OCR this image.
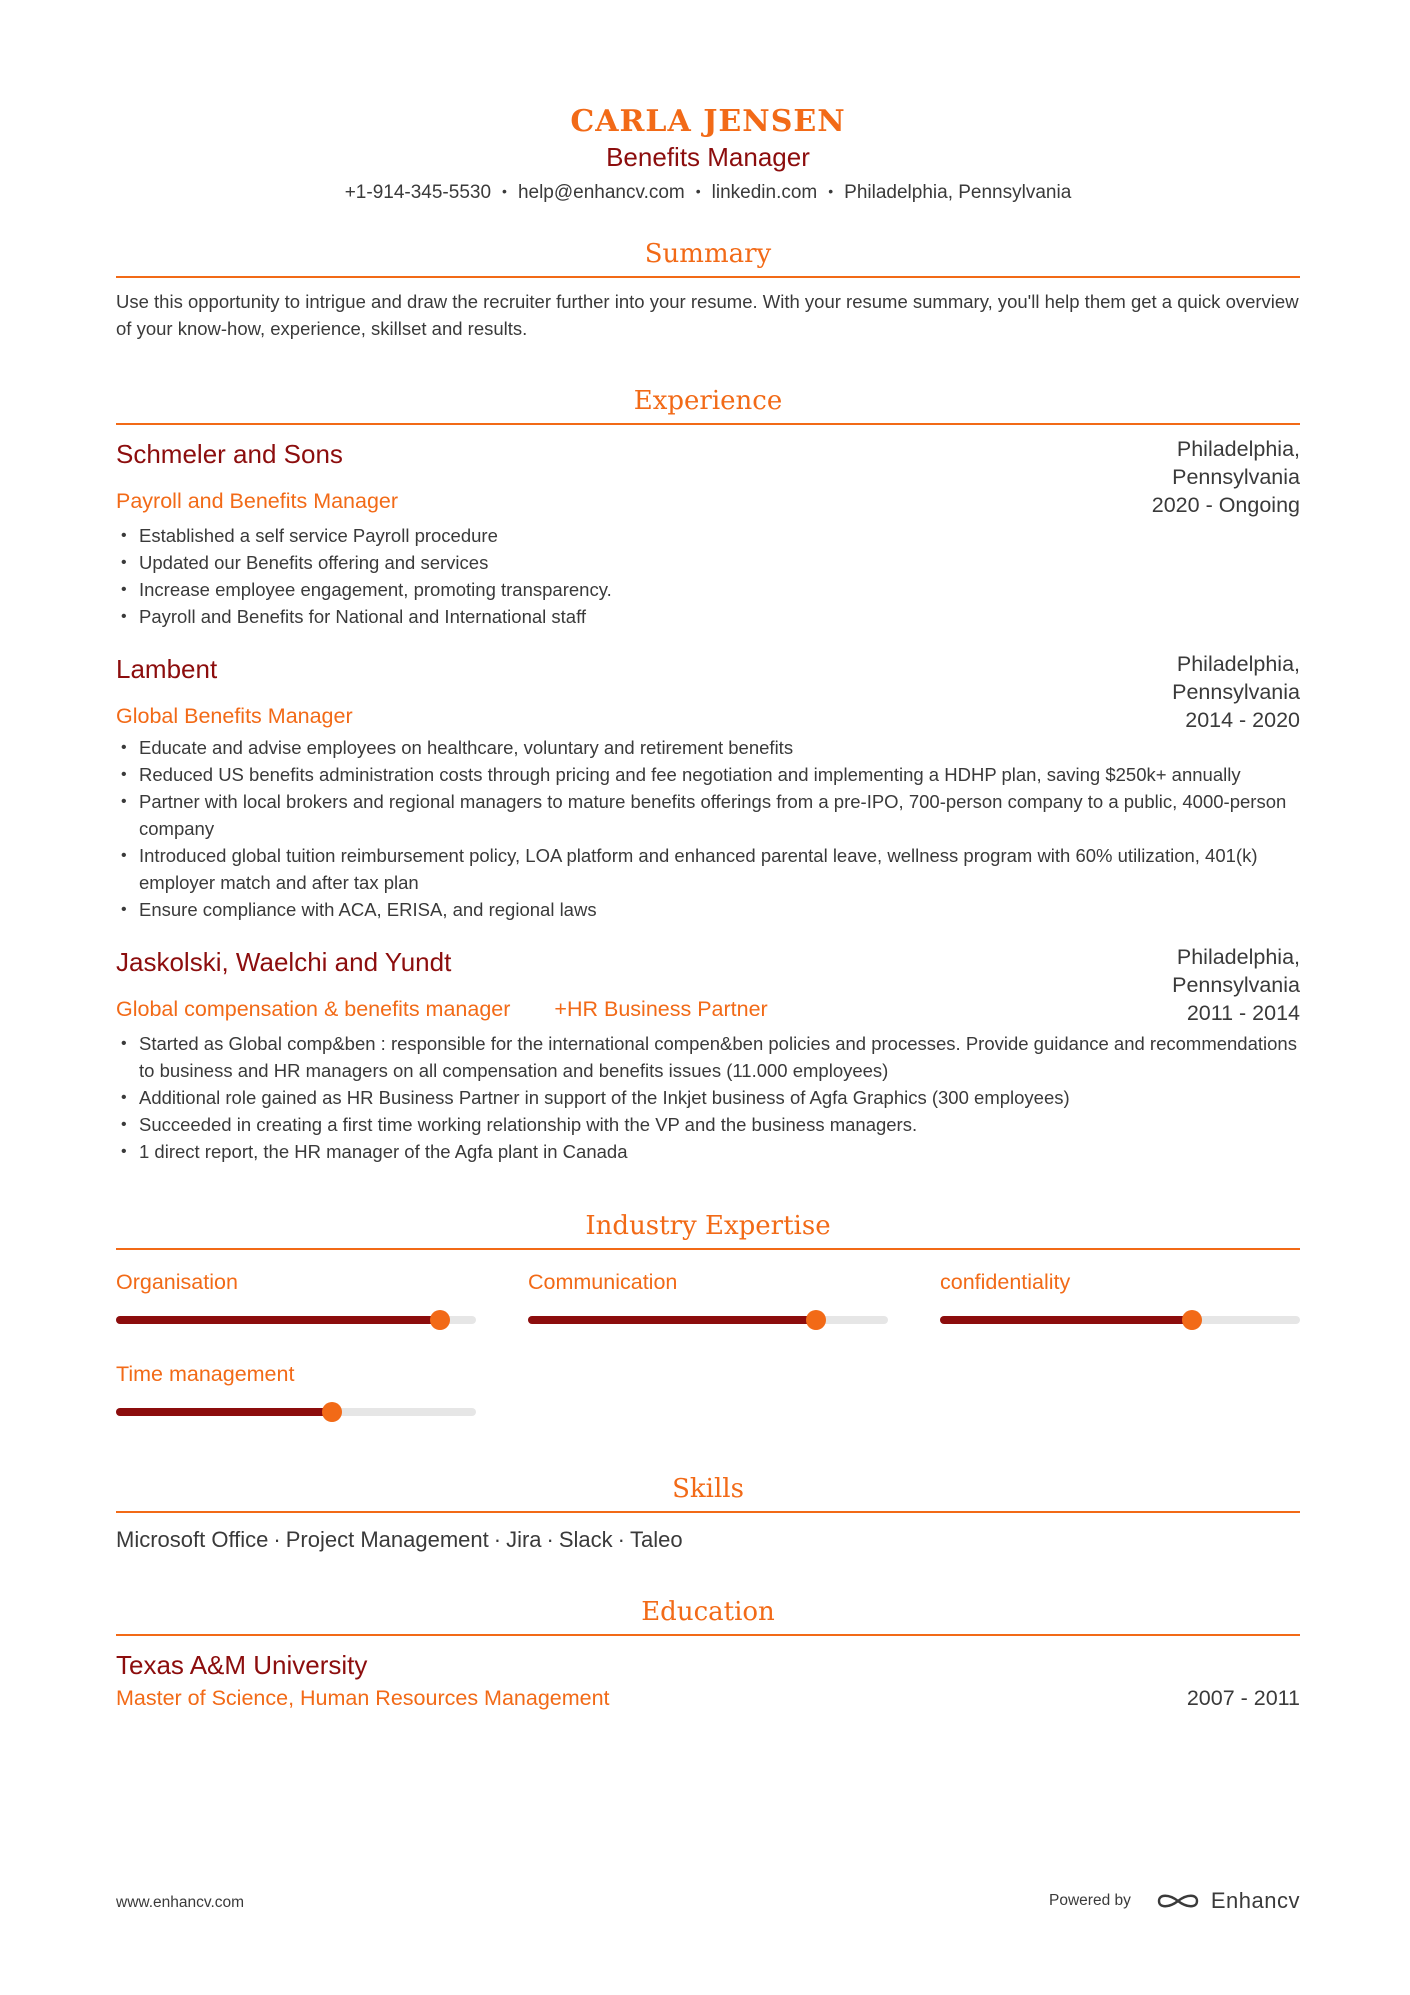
CARLA JENSEN
Benefits Manager
+1-914-345-5530 • help@enhancv.com • linkedin.com • Philadelphia, Pennsylvania
Summary
Use this opportunity to intrigue and draw the recruiter further into your resume. With your resume summary, you'll help them get a quick overview of your know-how, experience, skillset and results.
Experience
Schmeler and Sons
Payroll and Benefits Manager
Philadelphia, Pennsylvania
2020 - Ongoing
• Established a self service Payroll procedure
• Updated our Benefits offering and services
• Increase employee engagement, promoting transparency.
• Payroll and Benefits for National and International staff
Lambent
Global Benefits Manager
Philadelphia, Pennsylvania
2014 - 2020
• Educate and advise employees on healthcare, voluntary and retirement benefits
• Reduced US benefits administration costs through pricing and fee negotiation and implementing a HDHP plan, saving $250k+ annually
• Partner with local brokers and regional managers to mature benefits offerings from a pre-IPO, 700-person company to a public, 4000-person company
• Introduced global tuition reimbursement policy, LOA platform and enhanced parental leave, wellness program with 60% utilization, 401(k) employer match and after tax plan
• Ensure compliance with ACA, ERISA, and regional laws
Jaskolski, Waelchi and Yundt
Global compensation & benefits manager +HR Business Partner
Philadelphia, Pennsylvania
2011 - 2014
• Started as Global comp&ben : responsible for the international compen&ben policies and processes. Provide guidance and recommendations to business and HR managers on all compensation and benefits issues (11.000 employees)
• Additional role gained as HR Business Partner in support of the Inkjet business of Agfa Graphics (300 employees)
• Succeeded in creating a first time working relationship with the VP and the business managers.
• 1 direct report, the HR manager of the Agfa plant in Canada
Industry Expertise
Organisation	Communication	confidentiality
Time management
Skills
Microsoft Office · Project Management · Jira · Slack · Taleo
Education
Texas A&M University
Master of Science, Human Resources Management	2007 - 2011
www.enhancv.com	Powered by	Enhancv
